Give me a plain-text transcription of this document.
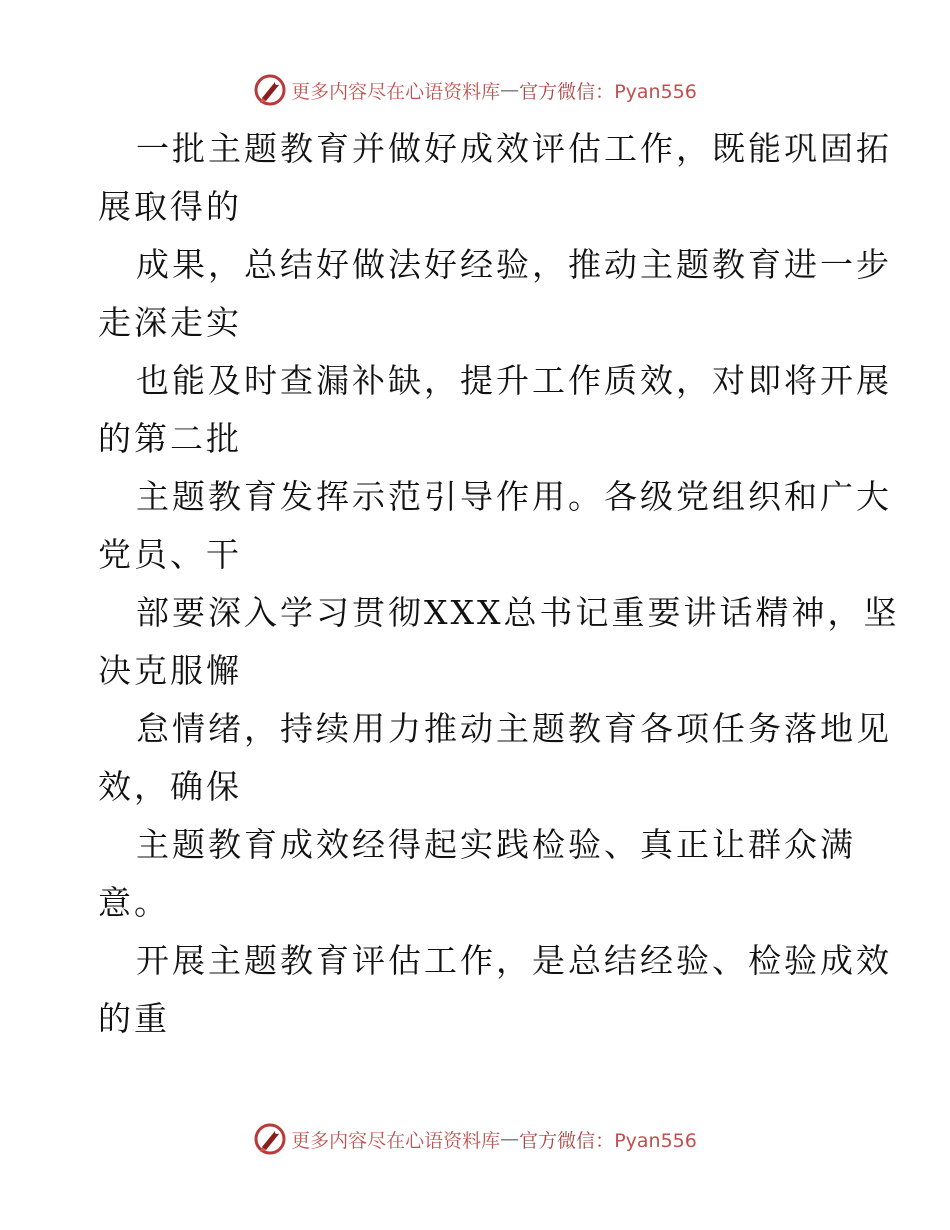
更多内容尽在心语资料库 — 官方微信：Pyan556
一批主题教育并做好成效评估工作，既能巩固拓
展取得的
成果，总结好做法好经验，推动主题教育进一步
走深走实
也能及时查漏补缺，提升工作质效，对即将开展
的第二批
主题教育发挥示范引导作用。各级党组织和广大
党员、干
部要深入学习贯彻XXX总书记重要讲话精神，坚
决克服懈
怠情绪，持续用力推动主题教育各项任务落地见
效，确保
主题教育成效经得起实践检验、真正让群众满
意。
开展主题教育评估工作，是总结经验、检验成效
的重
更多内容尽在心语资料库 — 官方微信：Pyan556
